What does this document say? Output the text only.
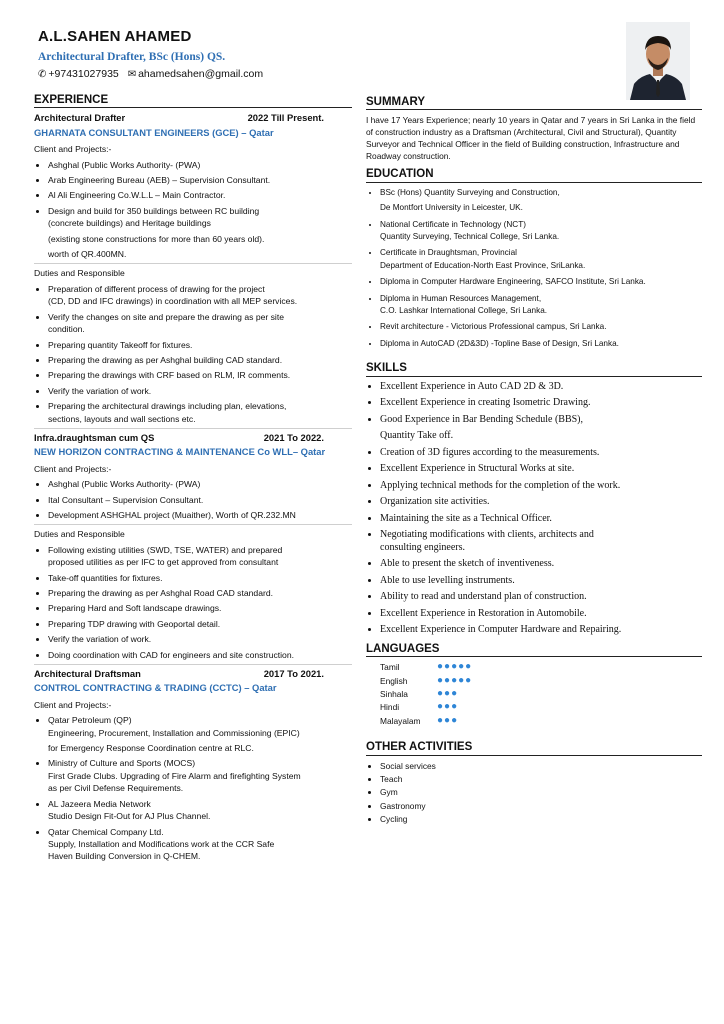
A.L.SAHEN AHAMED
Architectural Drafter, BSc (Hons) QS.
✆ +97431027935 ✉ ahamedsahen@gmail.com
EXPERIENCE
Architectural Drafter	2022 Till Present.
GHARNATA CONSULTANT ENGINEERS (GCE) – Qatar
Client and Projects:-
• Ashghal (Public Works Authority- (PWA)
• Arab Engineering Bureau (AEB) – Supervision Consultant.
• Al Ali Engineering Co.W.L.L – Main Contractor.
• Design and build for 350 buildings between RC building
(concrete buildings) and Heritage buildings
(existing stone constructions for more than 60 years old).
worth of QR.400MN.
Duties and Responsible
• Preparation of different process of drawing for the project
(CD, DD and IFC drawings) in coordination with all MEP services.
• Verify the changes on site and prepare the drawing as per site
condition.
• Preparing quantity Takeoff for fixtures.
• Preparing the drawing as per Ashghal building CAD standard.
• Preparing the drawings with CRF based on RLM, IR comments.
• Verify the variation of work.
• Preparing the architectural drawings including plan, elevations,
sections, layouts and wall sections etc.
Infra.draughtsman cum QS	2021 To 2022.
NEW HORIZON CONTRACTING & MAINTENANCE Co WLL– Qatar
Client and Projects:-
• Ashghal (Public Works Authority- (PWA)
• Ital Consultant – Supervision Consultant.
• Development ASHGHAL project (Muaither), Worth of QR.232.MN
Duties and Responsible
• Following existing utilities (SWD, TSE, WATER) and prepared
proposed utilities as per IFC to get approved from consultant
• Take-off quantities for fixtures.
• Preparing the drawing as per Ashghal Road CAD standard.
• Preparing Hard and Soft landscape drawings.
• Preparing TDP drawing with Geoportal detail.
• Verify the variation of work.
• Doing coordination with CAD for engineers and site construction.
Architectural Draftsman	2017 To 2021.
CONTROL CONTRACTING & TRADING (CCTC) – Qatar
Client and Projects:-
• Qatar Petroleum (QP)
Engineering, Procurement, Installation and Commissioning (EPIC)
for Emergency Response Coordination centre at RLC.
• Ministry of Culture and Sports (MOCS)
First Grade Clubs. Upgrading of Fire Alarm and firefighting System
as per Civil Defense Requirements.
• AL Jazeera Media Network
Studio Design Fit-Out for AJ Plus Channel.
• Qatar Chemical Company Ltd.
Supply, Installation and Modifications work at the CCR Safe
Haven Building Conversion in Q-CHEM.
SUMMARY
I have 17 Years Experience; nearly 10 years in Qatar and 7 years in Sri Lanka in the field of construction industry as a Draftsman (Architectural, Civil and Structural), Quantity Surveyor and Technical Officer in the field of Building construction, Infrastructure and Roadway construction.
EDUCATION
• BSc (Hons) Quantity Surveying and Construction,
De Montfort University in Leicester, UK.
• National Certificate in Technology (NCT)
Quantity Surveying, Technical College, Sri Lanka.
• Certificate in Draughtsman, Provincial
Department of Education-North East Province, SriLanka.
• Diploma in Computer Hardware Engineering, SAFCO Institute, Sri Lanka.
• Diploma in Human Resources Management,
C.O. Lashkar International College, Sri Lanka.
• Revit architecture - Victorious Professional campus, Sri Lanka.
• Diploma in AutoCAD (2D&3D) -Topline Base of Design, Sri Lanka.
SKILLS
• Excellent Experience in Auto CAD 2D & 3D.
• Excellent Experience in creating Isometric Drawing.
• Good Experience in Bar Bending Schedule (BBS),
Quantity Take off.
• Creation of 3D figures according to the measurements.
• Excellent Experience in Structural Works at site.
• Applying technical methods for the completion of the work.
• Organization site activities.
• Maintaining the site as a Technical Officer.
• Negotiating modifications with clients, architects and
consulting engineers.
• Able to present the sketch of inventiveness.
• Able to use levelling instruments.
• Ability to read and understand plan of construction.
• Excellent Experience in Restoration in Automobile.
• Excellent Experience in Computer Hardware and Repairing.
LANGUAGES
Tamil	●●●●●
English	●●●●●
Sinhala	●●●
Hindi	●●●
Malayalam	●●●
OTHER ACTIVITIES
• Social services
• Teach
• Gym
• Gastronomy
• Cycling
